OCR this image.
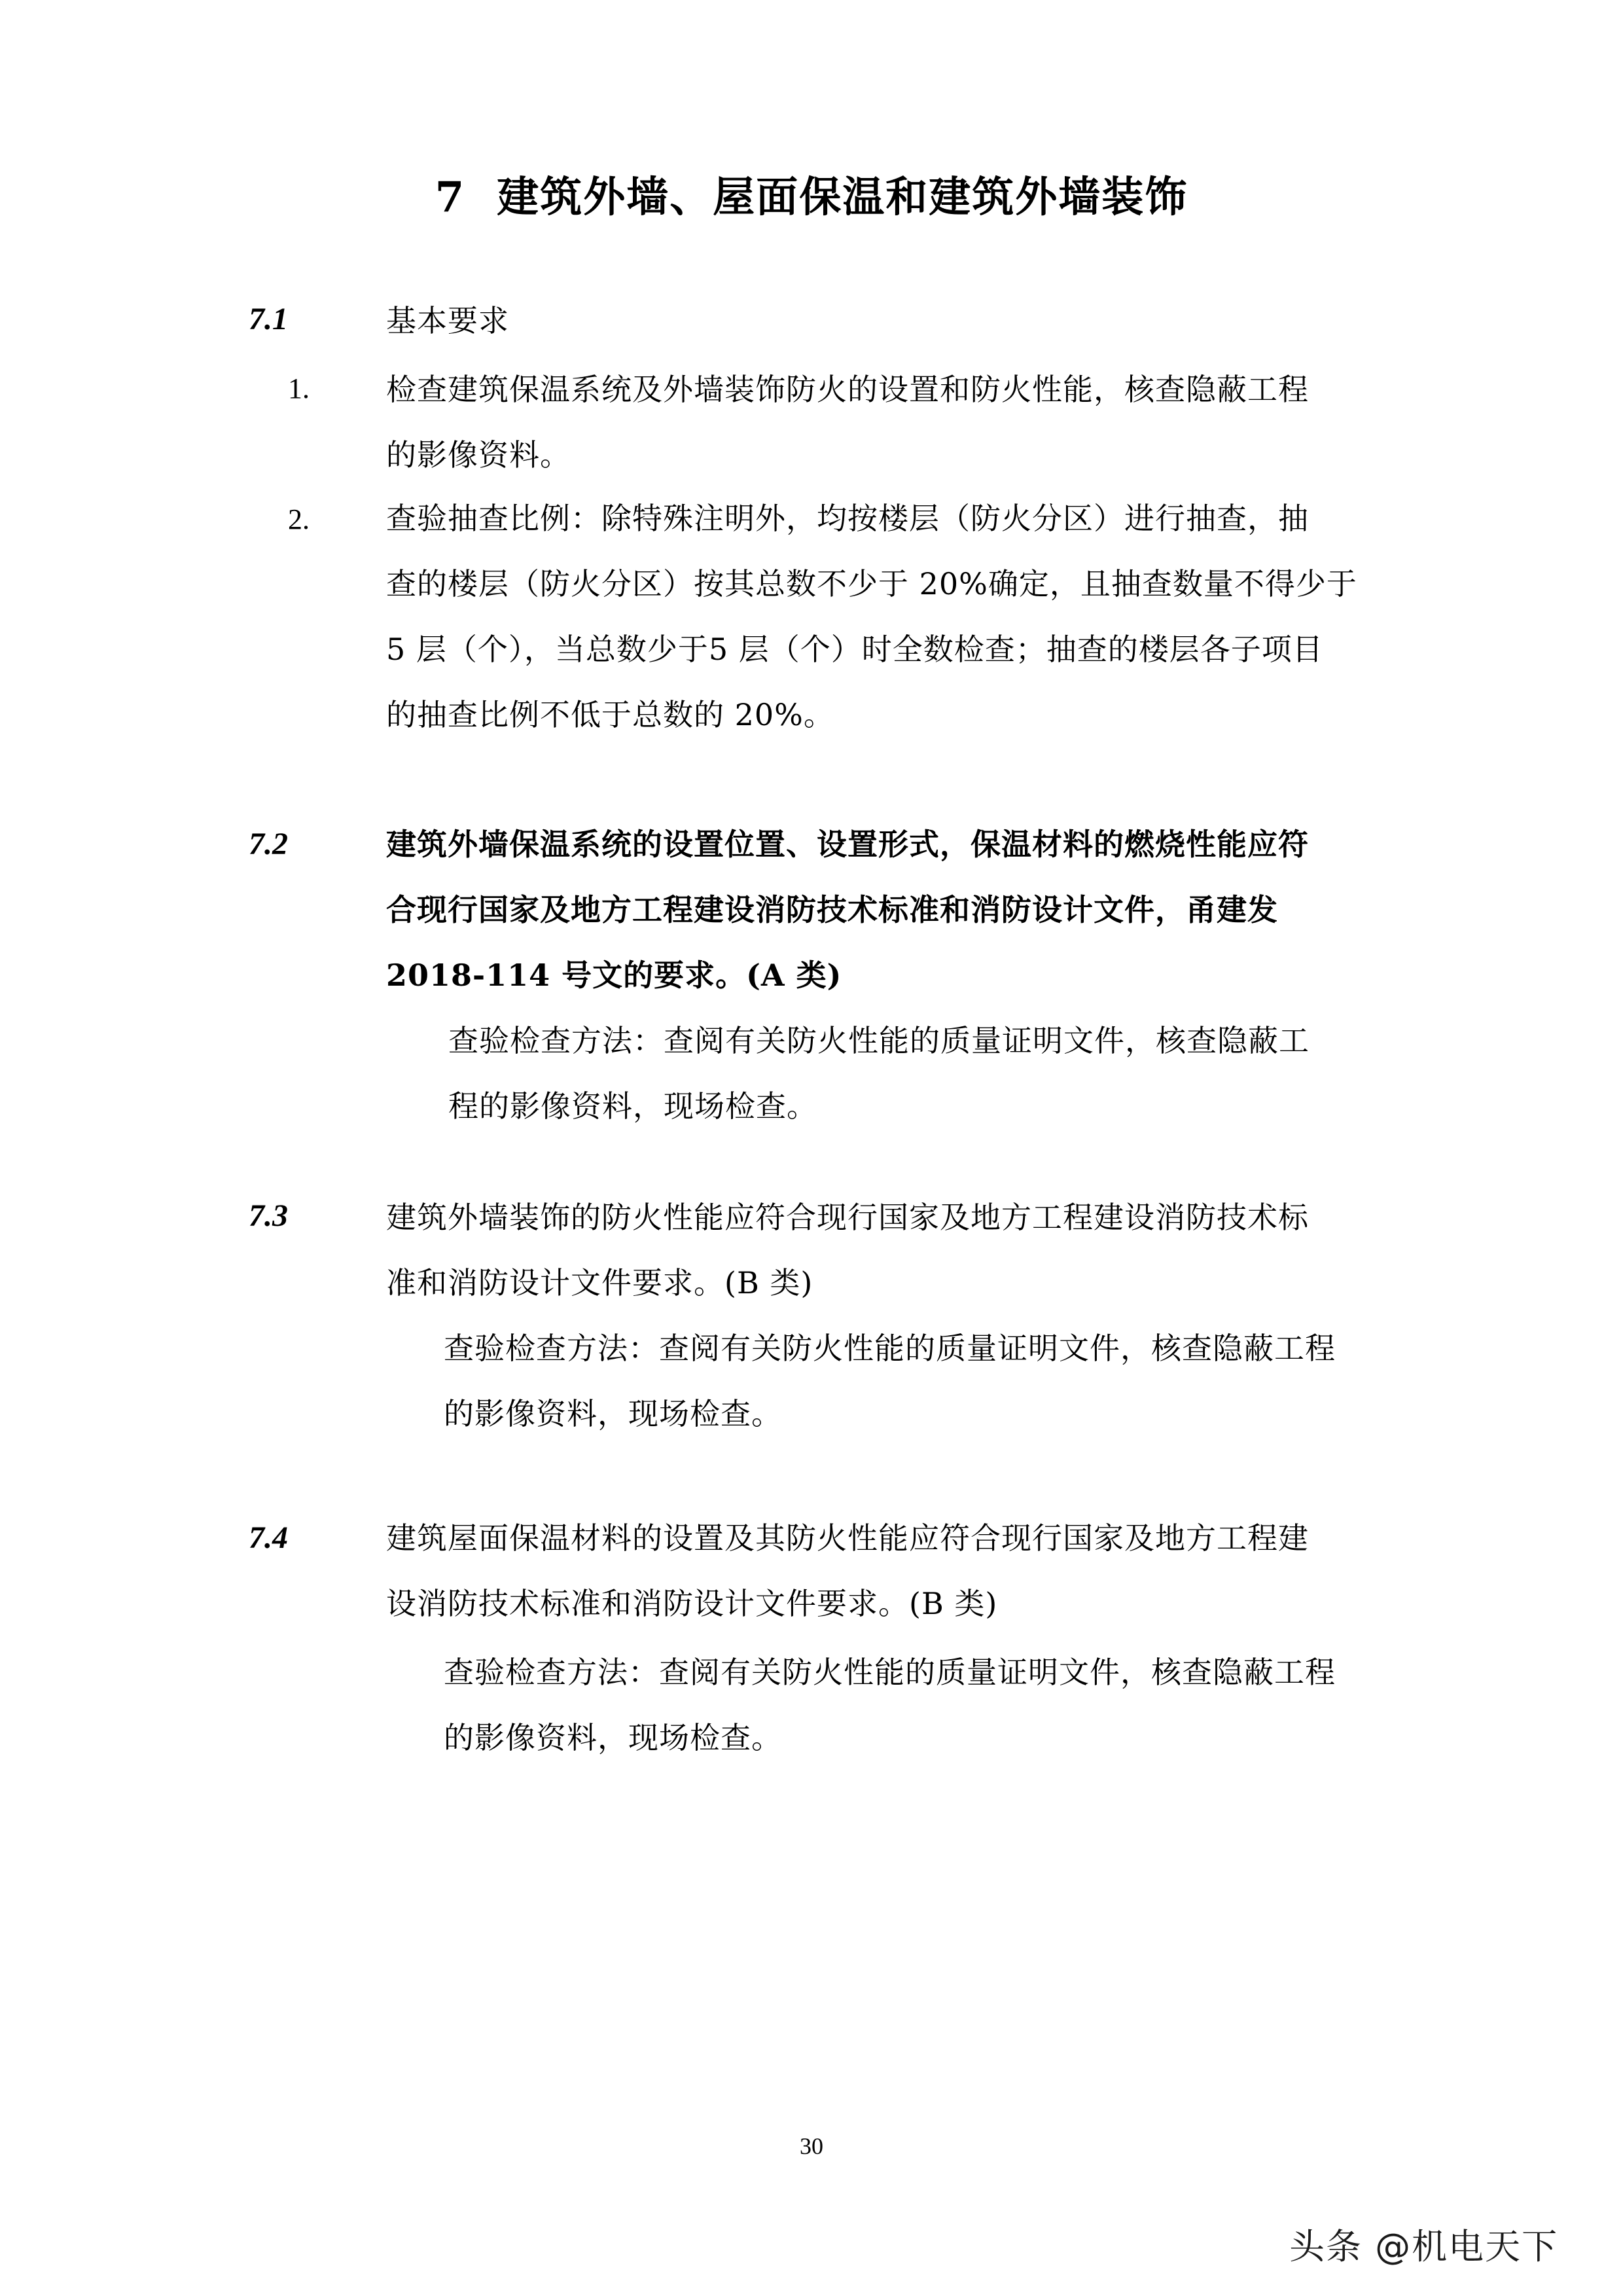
7 建筑外墙、屋面保温和建筑外墙装饰
7.1	基本要求
1.	检查建筑保温系统及外墙装饰防火的设置和防火性能，核查隐蔽工程
的影像资料。
2.	查验抽查比例：除特殊注明外，均按楼层（防火分区）进行抽查，抽
查的楼层（防火分区）按其总数不少于 20%确定，且抽查数量不得少于
5 层（个），当总数少于5 层（个）时全数检查；抽查的楼层各子项目
的抽查比例不低于总数的 20%。
7.2	建筑外墙保温系统的设置位置、设置形式，保温材料的燃烧性能应符
合现行国家及地方工程建设消防技术标准和消防设计文件，甬建发
2018-114 号文的要求。(A 类)
查验检查方法：查阅有关防火性能的质量证明文件，核查隐蔽工
程的影像资料，现场检查。
7.3	建筑外墙装饰的防火性能应符合现行国家及地方工程建设消防技术标
准和消防设计文件要求。(B 类)
查验检查方法：查阅有关防火性能的质量证明文件，核查隐蔽工程
的影像资料，现场检查。
7.4	建筑屋面保温材料的设置及其防火性能应符合现行国家及地方工程建
设消防技术标准和消防设计文件要求。(B 类)
查验检查方法：查阅有关防火性能的质量证明文件，核查隐蔽工程
的影像资料，现场检查。
30
头条 @机电天下
